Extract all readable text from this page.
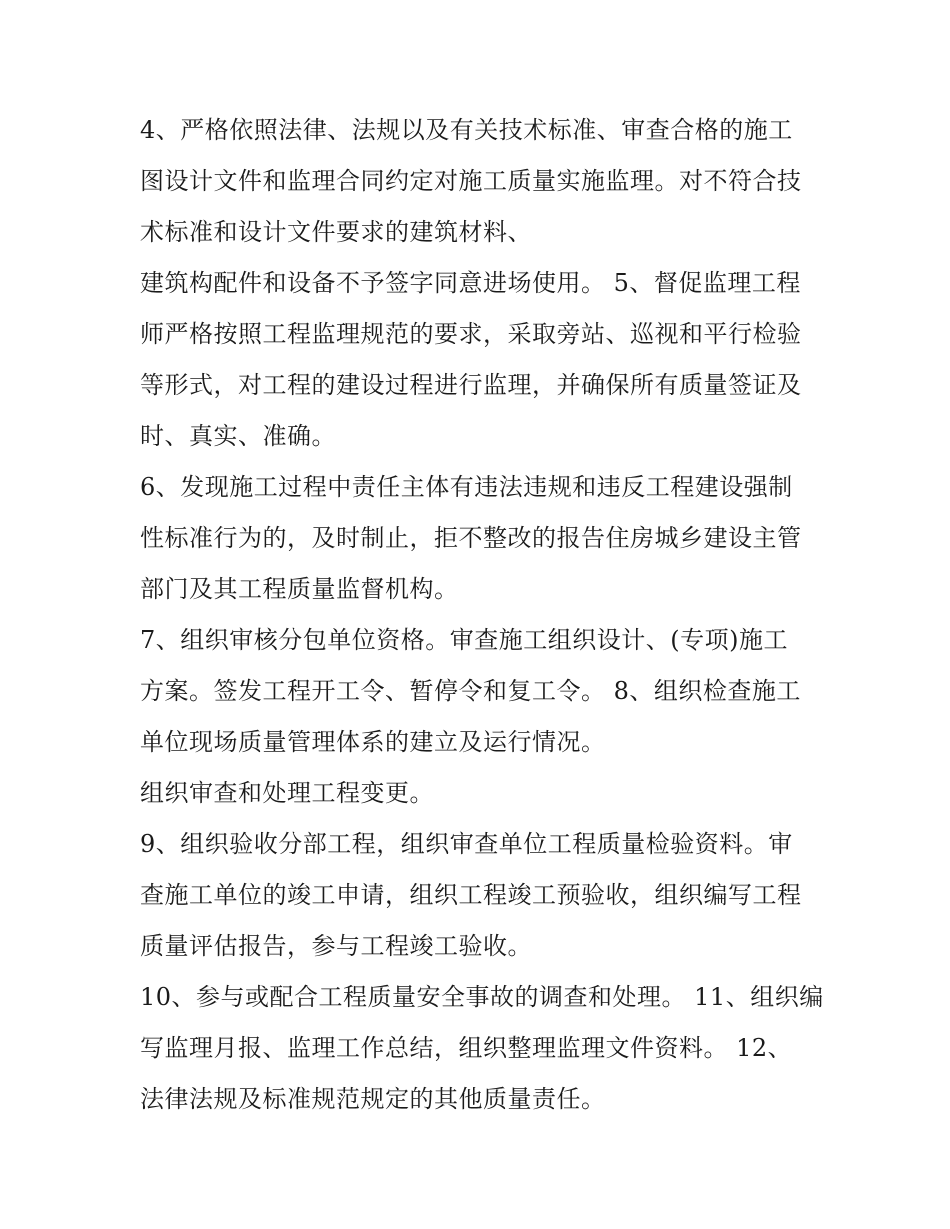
4、严格依照法律、法规以及有关技术标准、审查合格的施工
图设计文件和监理合同约定对施工质量实施监理。对不符合技
术标准和设计文件要求的建筑材料、
建筑构配件和设备不予签字同意进场使用。 5、督促监理工程
师严格按照工程监理规范的要求，采取旁站、巡视和平行检验
等形式，对工程的建设过程进行监理，并确保所有质量签证及
时、真实、准确。
6、发现施工过程中责任主体有违法违规和违反工程建设强制
性标准行为的，及时制止，拒不整改的报告住房城乡建设主管
部门及其工程质量监督机构。
7、组织审核分包单位资格。审查施工组织设计、(专项)施工
方案。签发工程开工令、暂停令和复工令。 8、组织检查施工
单位现场质量管理体系的建立及运行情况。
组织审查和处理工程变更。
9、组织验收分部工程，组织审查单位工程质量检验资料。审
查施工单位的竣工申请，组织工程竣工预验收，组织编写工程
质量评估报告，参与工程竣工验收。
10、参与或配合工程质量安全事故的调查和处理。 11、组织编
写监理月报、监理工作总结，组织整理监理文件资料。 12、
法律法规及标准规范规定的其他质量责任。
